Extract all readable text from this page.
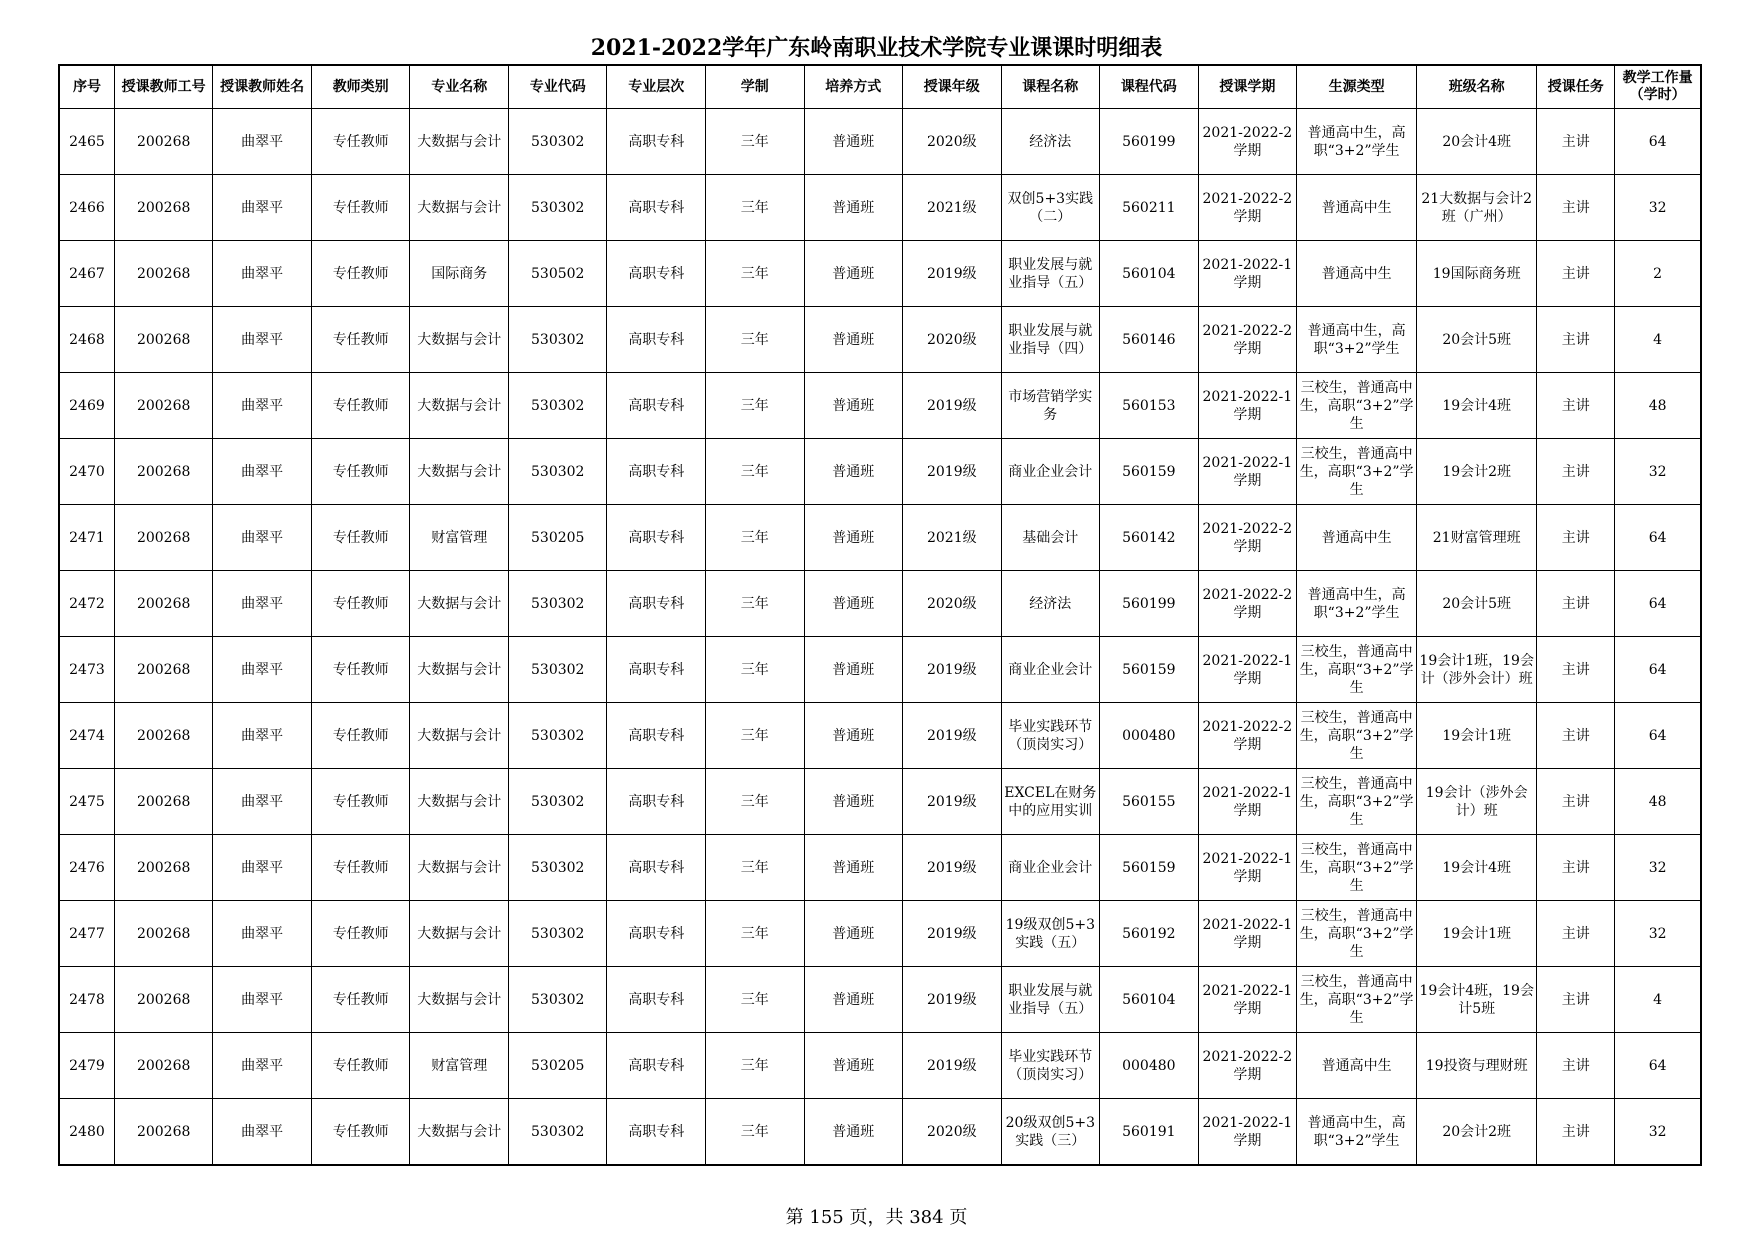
2021-2022学年广东岭南职业技术学院专业课课时明细表
序号	授课教师工号	授课教师姓名	教师类别	专业名称	专业代码	专业层次	学制	培养方式	授课年级	课程名称	课程代码	授课学期	生源类型	班级名称	授课任务	教学工作量（学时）
2465	200268	曲翠平	专任教师	大数据与会计	530302	高职专科	三年	普通班	2020级	经济法	560199	2021-2022-2学期	普通高中生，高职“3+2”学生	20会计4班	主讲	64
2466	200268	曲翠平	专任教师	大数据与会计	530302	高职专科	三年	普通班	2021级	双创5+3实践（二）	560211	2021-2022-2学期	普通高中生	21大数据与会计2班（广州）	主讲	32
2467	200268	曲翠平	专任教师	国际商务	530502	高职专科	三年	普通班	2019级	职业发展与就业指导（五）	560104	2021-2022-1学期	普通高中生	19国际商务班	主讲	2
2468	200268	曲翠平	专任教师	大数据与会计	530302	高职专科	三年	普通班	2020级	职业发展与就业指导（四）	560146	2021-2022-2学期	普通高中生，高职“3+2”学生	20会计5班	主讲	4
2469	200268	曲翠平	专任教师	大数据与会计	530302	高职专科	三年	普通班	2019级	市场营销学实务	560153	2021-2022-1学期	三校生，普通高中生，高职“3+2”学生	19会计4班	主讲	48
2470	200268	曲翠平	专任教师	大数据与会计	530302	高职专科	三年	普通班	2019级	商业企业会计	560159	2021-2022-1学期	三校生，普通高中生，高职“3+2”学生	19会计2班	主讲	32
2471	200268	曲翠平	专任教师	财富管理	530205	高职专科	三年	普通班	2021级	基础会计	560142	2021-2022-2学期	普通高中生	21财富管理班	主讲	64
2472	200268	曲翠平	专任教师	大数据与会计	530302	高职专科	三年	普通班	2020级	经济法	560199	2021-2022-2学期	普通高中生，高职“3+2”学生	20会计5班	主讲	64
2473	200268	曲翠平	专任教师	大数据与会计	530302	高职专科	三年	普通班	2019级	商业企业会计	560159	2021-2022-1学期	三校生，普通高中生，高职“3+2”学生	19会计1班，19会计（涉外会计）班	主讲	64
2474	200268	曲翠平	专任教师	大数据与会计	530302	高职专科	三年	普通班	2019级	毕业实践环节（顶岗实习）	000480	2021-2022-2学期	三校生，普通高中生，高职“3+2”学生	19会计1班	主讲	64
2475	200268	曲翠平	专任教师	大数据与会计	530302	高职专科	三年	普通班	2019级	EXCEL在财务中的应用实训	560155	2021-2022-1学期	三校生，普通高中生，高职“3+2”学生	19会计（涉外会计）班	主讲	48
2476	200268	曲翠平	专任教师	大数据与会计	530302	高职专科	三年	普通班	2019级	商业企业会计	560159	2021-2022-1学期	三校生，普通高中生，高职“3+2”学生	19会计4班	主讲	32
2477	200268	曲翠平	专任教师	大数据与会计	530302	高职专科	三年	普通班	2019级	19级双创5+3实践（五）	560192	2021-2022-1学期	三校生，普通高中生，高职“3+2”学生	19会计1班	主讲	32
2478	200268	曲翠平	专任教师	大数据与会计	530302	高职专科	三年	普通班	2019级	职业发展与就业指导（五）	560104	2021-2022-1学期	三校生，普通高中生，高职“3+2”学生	19会计4班，19会计5班	主讲	4
2479	200268	曲翠平	专任教师	财富管理	530205	高职专科	三年	普通班	2019级	毕业实践环节（顶岗实习）	000480	2021-2022-2学期	普通高中生	19投资与理财班	主讲	64
2480	200268	曲翠平	专任教师	大数据与会计	530302	高职专科	三年	普通班	2020级	20级双创5+3实践（三）	560191	2021-2022-1学期	普通高中生，高职“3+2”学生	20会计2班	主讲	32
第 155 页，共 384 页
